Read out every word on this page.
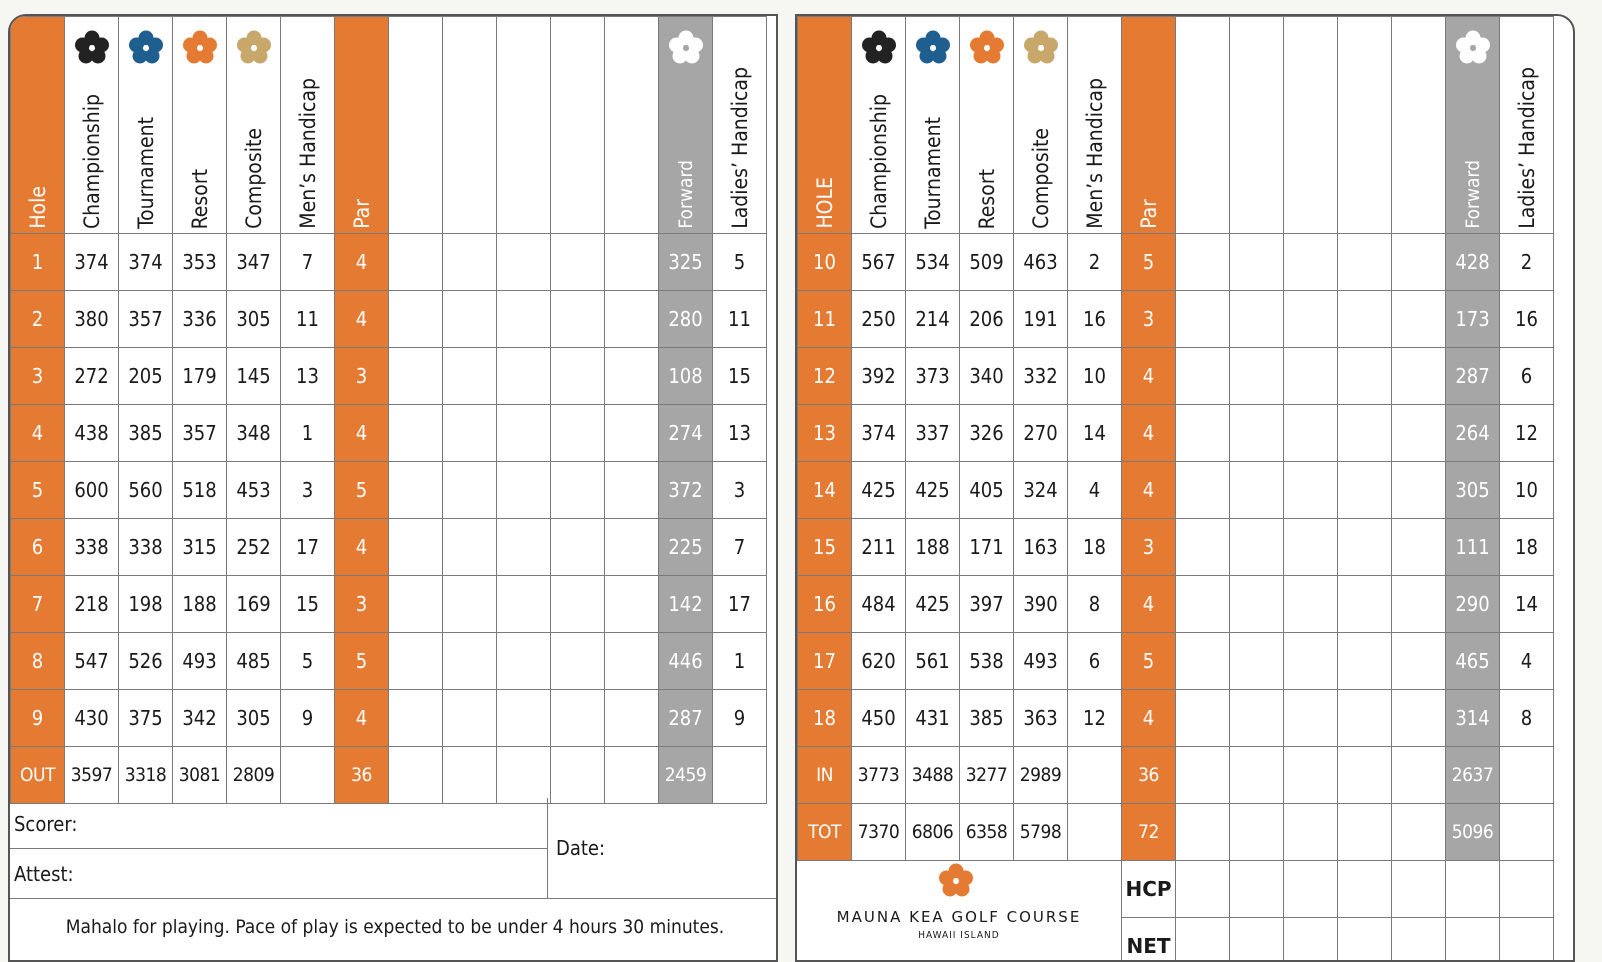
Hole	Championship	Tournament	Resort	Composite	Men’s Handicap	Par						Forward	Ladies’ Handicap

1	374	374	353	347	7	4						325	5
2	380	357	336	305	11	4						280	11
3	272	205	179	145	13	3						108	15
4	438	385	357	348	1	4						274	13
5	600	560	518	453	3	5						372	3
6	338	338	315	252	17	4						225	7
7	218	198	188	169	15	3						142	17
8	547	526	493	485	5	5						446	1
9	430	375	342	305	9	4						287	9
OUT	3597	3318	3081	2809		36						2459	
Scorer:
Attest:
Date:
Mahalo for playing. Pace of play is expected to be under 4 hours 30 minutes.
HOLE	Championship	Tournament	Resort	Composite	Men’s Handicap	Par						Forward	Ladies’ Handicap

10	567	534	509	463	2	5						428	2
11	250	214	206	191	16	3						173	16
12	392	373	340	332	10	4						287	6
13	374	337	326	270	14	4						264	12
14	425	425	405	324	4	4						305	10
15	211	188	171	163	18	3						111	18
16	484	425	397	390	8	4						290	14
17	620	561	538	493	6	5						465	4
18	450	431	385	363	12	4						314	8
IN	3773	3488	3277	2989		36						2637	
TOT	7370	6806	6358	5798		72						5096	
						HCP							
						NET							
MAUNA KEA GOLF COURSE
HAWAII ISLAND
